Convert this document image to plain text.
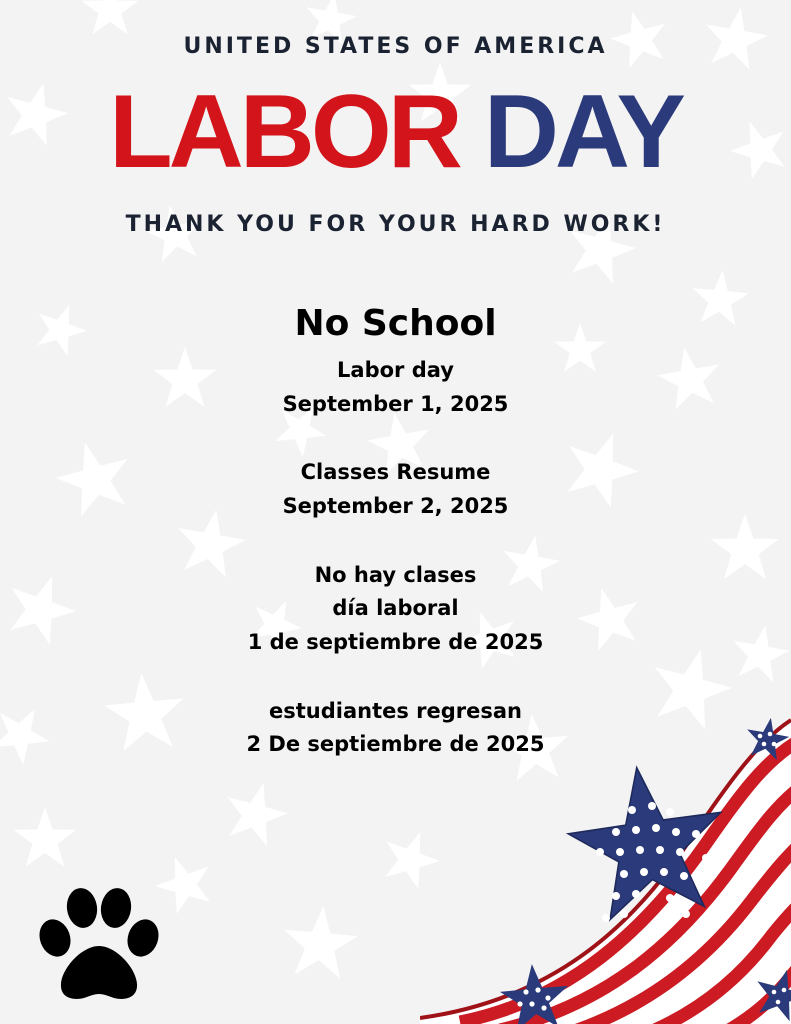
UNITED STATES OF AMERICA

LABOR DAY

THANK YOU FOR YOUR HARD WORK!

No School

Labor day

September 1, 2025

Classes Resume

September 2, 2025

No hay clases

día laboral

1 de septiembre de 2025

estudiantes regresan

2 De septiembre de 2025
